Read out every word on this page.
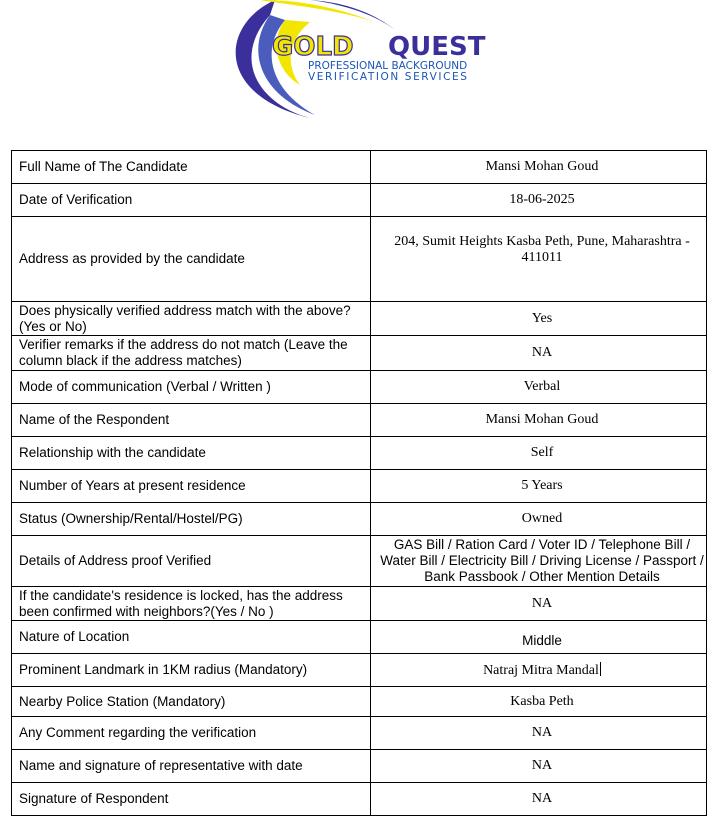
GOLD QUEST
PROFESSIONAL BACKGROUND
VERIFICATION SERVICES
Full Name of The Candidate	Mansi Mohan Goud
Date of Verification	18-06-2025
Address as provided by the candidate	204, Sumit Heights Kasba Peth, Pune, Maharashtra - 411011
Does physically verified address match with the above? (Yes or No)	Yes
Verifier remarks if the address do not match (Leave the column black if the address matches)	NA
Mode of communication (Verbal / Written )	Verbal
Name of the Respondent	Mansi Mohan Goud
Relationship with the candidate	Self
Number of Years at present residence	5 Years
Status (Ownership/Rental/Hostel/PG)	Owned
Details of Address proof Verified	GAS Bill / Ration Card / Voter ID / Telephone Bill / Water Bill / Electricity Bill / Driving License / Passport / Bank Passbook / Other Mention Details
If the candidate's residence is locked, has the address been confirmed with neighbors?(Yes / No )	NA
Nature of Location	Middle
Prominent Landmark in 1KM radius (Mandatory)	Natraj Mitra Mandal
Nearby Police Station (Mandatory)	Kasba Peth
Any Comment regarding the verification	NA
Name and signature of representative with date	NA
Signature of Respondent	NA
